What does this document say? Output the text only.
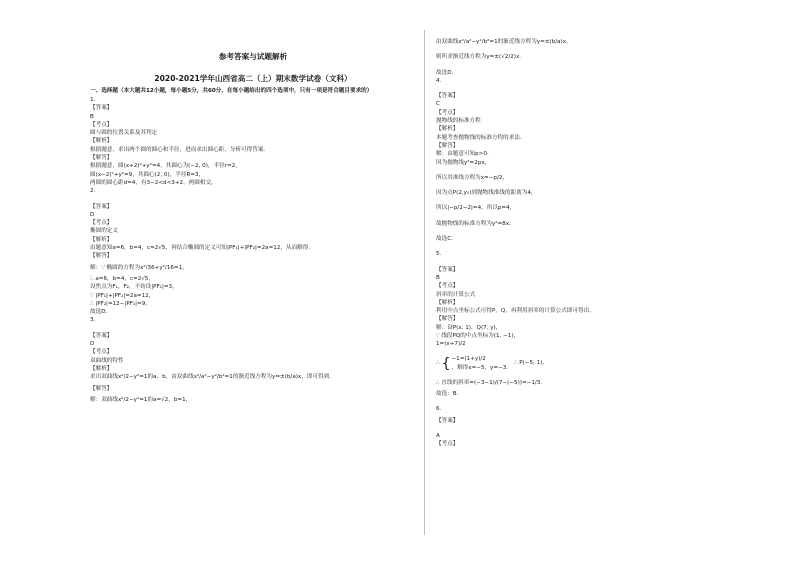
参考答案与试题解析

2020-2021学年山西省高二（上）期末数学试卷（文科）

一、选择题（本大题共12小题，每小题5分，共60分，在每小题给出的四个选项中，只有一项是符合题目要求的）

1.

【答案】

B

【考点】

圆与圆的位置关系及其判定

【解析】

根据题意，求出两个圆的圆心和半径，进而求出圆心距，分析可得答案．

【解答】

根据题意，圆(x+2)²+y²=4，其圆心为(−2, 0)，半径r=2，

圆(x−2)²+y²=9，其圆心(2, 0)，半径R=3，

两圆的圆心距d=4，有3−2<d<3+2，两圆相交，

2.

【答案】

D

【考点】

椭圆的定义

【解析】

由题意知a=6，b=4，c=2√5，再结合椭圆的定义可知|PF₁|+|PF₂|=2a=12，从而解得．

【解答】

解：∵ 椭圆的方程为x²/36+y²/16=1，

∴ a=6，b=4，c=2√5，

设焦点为F₁，F₂，不妨设|PF₁|=3，

∵ |PF₁|+|PF₂|=2a=12，

∴ |PF₂|=12−|PF₁|=9，

故选D．

3.

【答案】

D

【考点】

双曲线的特性

【解析】

求出双曲线x²/2−y²=1的a，b，由双曲线x²/a²−y²/b²=1的渐近线方程为y=±(b/a)x，即可得到．

【解答】

解：双曲线x²/2−y²=1的a=√2，b=1，

由双曲线x²/a²−y²/b²=1的渐近线方程为y=±(b/a)x，

则所求渐近线方程为y=±(√2/2)x．

故选D．

4.

【答案】

C

【考点】

抛物线的标准方程

【解析】

本题考查抛物线的标准方程的求法．

【解答】

解：由题意可知p>0．

因为抛物线y²=2px，

所以其准线方程为x=−p/2，

因为点P(2,y₀)到抛物线准线的距离为4，

所以|−p/2−2|=4，所以p=4，

故抛物线的标准方程为y²=8x．

故选C．

5.

【答案】

B

【考点】

斜率的计算公式

【解析】

利用中点坐标公式可得P，Q，再利用斜率的计算公式即可得出．

【解答】

解：设P(x, 1)，Q(7, y)，

∵ 线段PQ的中点坐标为(1, −1)，

1=(x+7)/2

∴ { −1=(1+y)/2
，解得x=−5，y=−3．
∴ P(−5, 1)，

∴ 直线的斜率=(−3−1)/(7−(−5))=−1/3．

故选：B．

6.

【答案】

A

【考点】
